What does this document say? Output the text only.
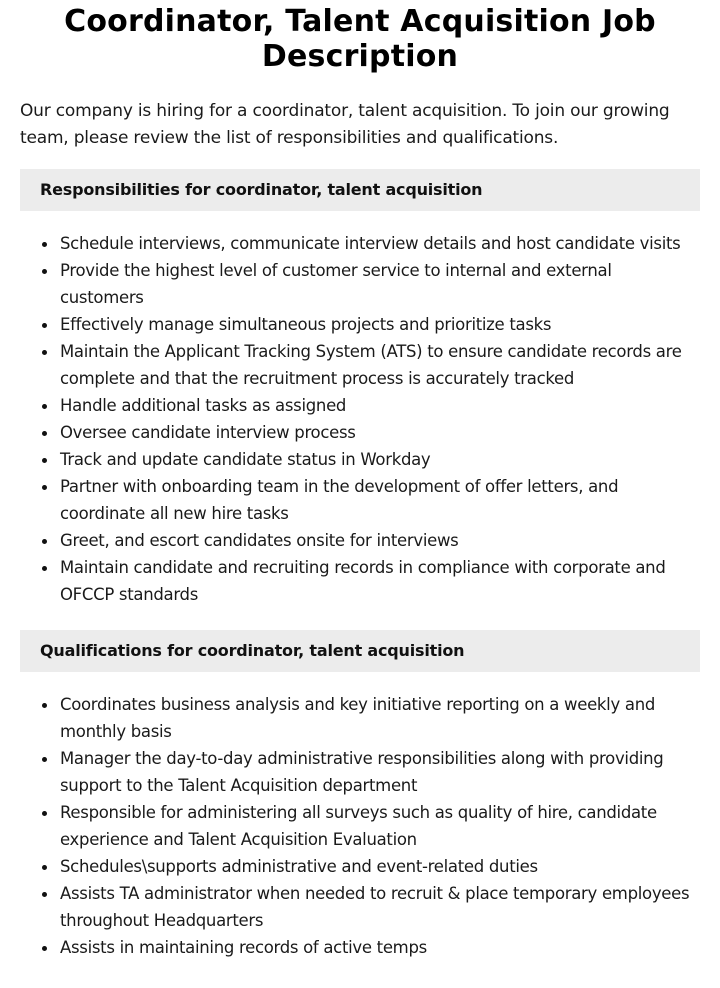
Coordinator, Talent Acquisition Job Description

Our company is hiring for a coordinator, talent acquisition. To join our growing team, please review the list of responsibilities and qualifications.

Responsibilities for coordinator, talent acquisition
Schedule interviews, communicate interview details and host candidate visits
Provide the highest level of customer service to internal and external customers
Effectively manage simultaneous projects and prioritize tasks
Maintain the Applicant Tracking System (ATS) to ensure candidate records are complete and that the recruitment process is accurately tracked
Handle additional tasks as assigned
Oversee candidate interview process
Track and update candidate status in Workday
Partner with onboarding team in the development of offer letters, and coordinate all new hire tasks
Greet, and escort candidates onsite for interviews
Maintain candidate and recruiting records in compliance with corporate and OFCCP standards
Qualifications for coordinator, talent acquisition
Coordinates business analysis and key initiative reporting on a weekly and monthly basis
Manager the day-to-day administrative responsibilities along with providing support to the Talent Acquisition department
Responsible for administering all surveys such as quality of hire, candidate experience and Talent Acquisition Evaluation
Schedules\supports administrative and event-related duties
Assists TA administrator when needed to recruit & place temporary employees throughout Headquarters
Assists in maintaining records of active temps
